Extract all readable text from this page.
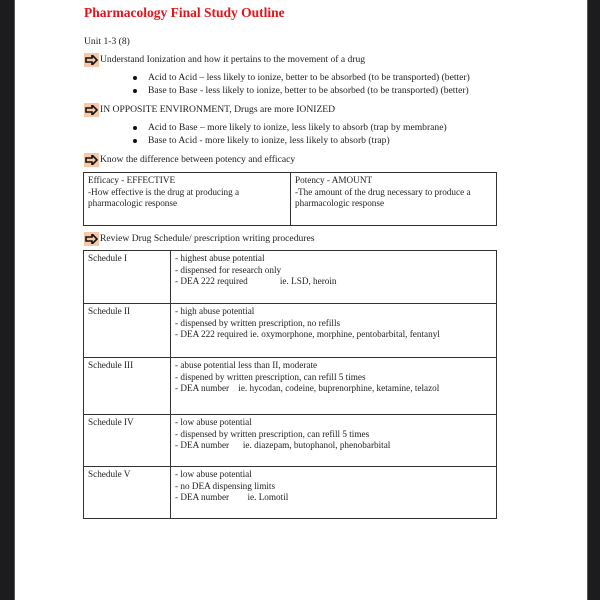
Pharmacology Final Study Outline
Unit 1-3 (8)
Understand Ionization and how it pertains to the movement of a drug
Acid to Acid – less likely to ionize, better to be absorbed (to be transported) (better)
Base to Base - less likely to ionize, better to be absorbed (to be transported) (better)
IN OPPOSITE ENVIRONMENT, Drugs are more IONIZED
Acid to Base – more likely to ionize, less likely to absorb (trap by membrane)
Base to Acid - more likely to ionize, less likely to absorb (trap)
Know the difference between potency and efficacy
Efficacy - EFFECTIVE
-How effective is the drug at producing a
pharmacologic response

Potency - AMOUNT
-The amount of the drug necessary to produce a
pharmacologic response
Review Drug Schedule/ prescription writing procedures
Schedule I	- highest abuse potential
- dispensed for research only
- DEA 222 required              ie. LSD, heroin

Schedule II	- high abuse potential
- dispensed by written prescription, no refills
- DEA 222 required ie. oxymorphone, morphine, pentobarbital, fentanyl

Schedule III	- abuse potential less than II, moderate
- dispened by written prescription, can refill 5 times
- DEA number    ie. hycodan, codeine, buprenorphine, ketamine, telazol

Schedule IV	- low abuse potential
- dispensed by written prescription, can refill 5 times
- DEA number      ie. diazepam, butophanol, phenobarbital

Schedule V	- low abuse potential
- no DEA dispensing limits
- DEA number        ie. Lomotil
